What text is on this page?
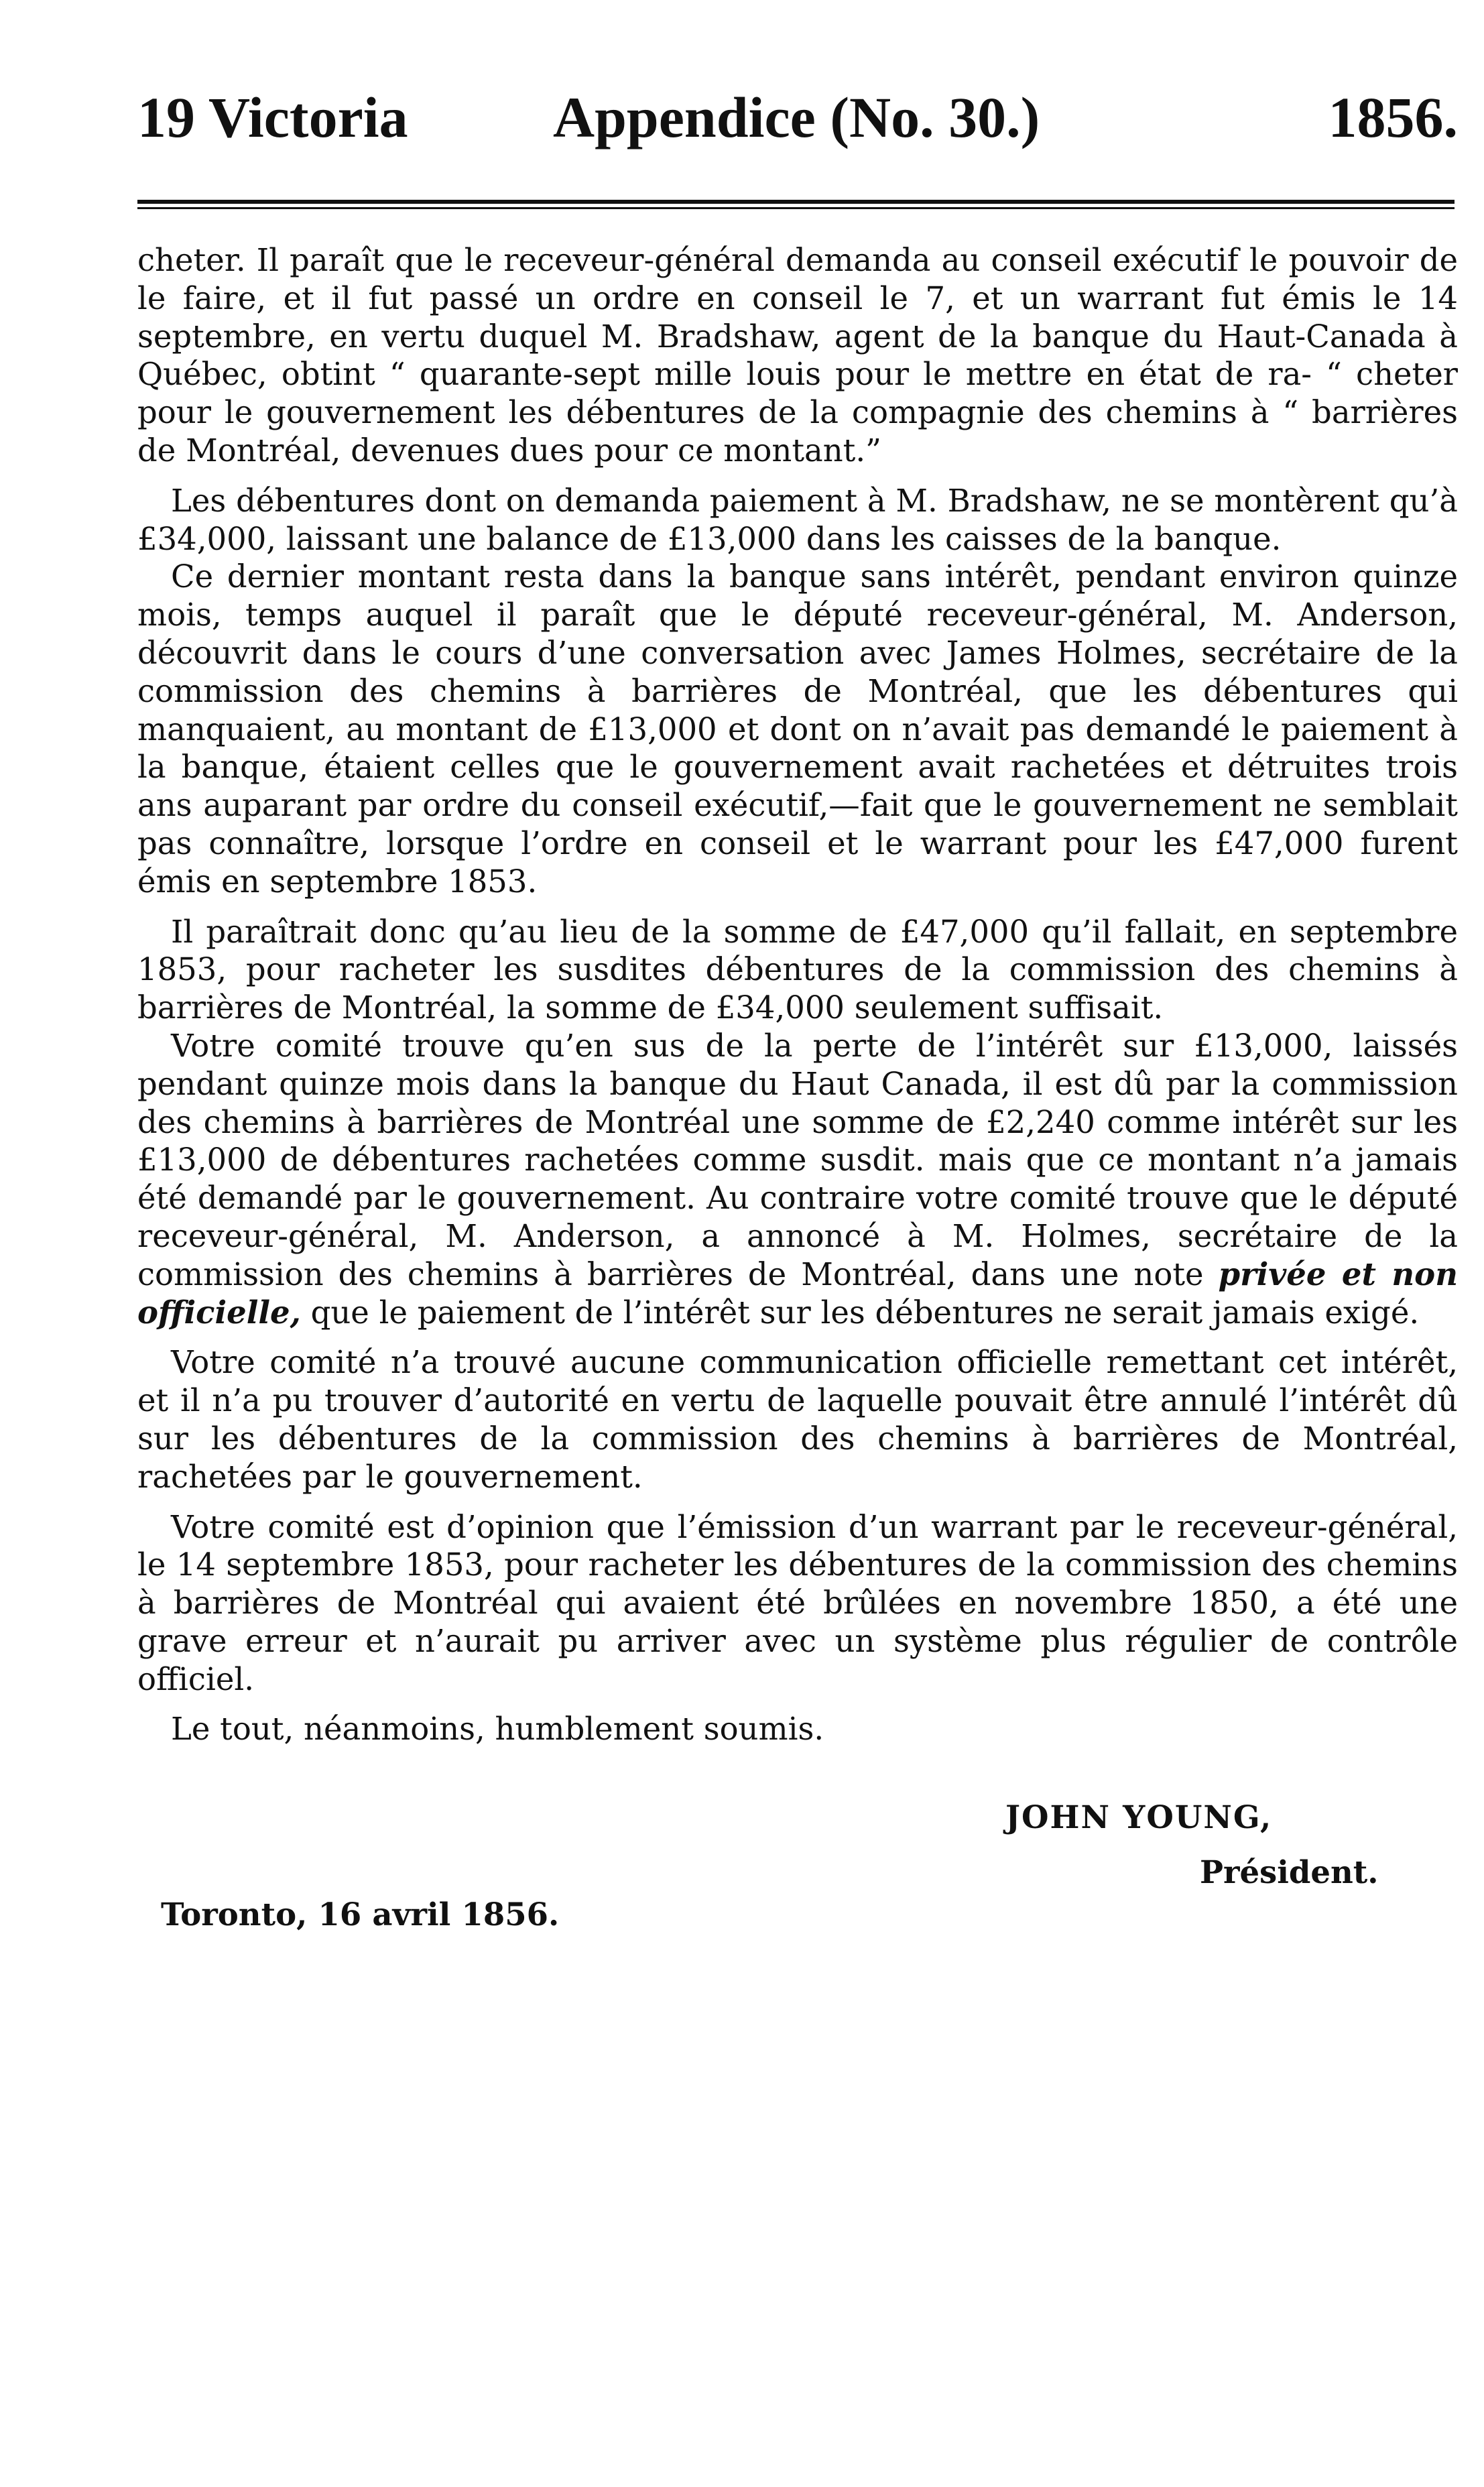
19 Victoria	Appendice (No. 30.)	1856.

cheter. Il paraît que le receveur-général demanda au conseil exécutif le pouvoir de le faire, et il fut passé un ordre en conseil le 7, et un warrant fut émis le 14 septembre, en vertu duquel M. Bradshaw, agent de la banque du Haut-Canada à Québec, obtint “ quarante-sept mille louis pour le mettre en état de ra- “ cheter pour le gouvernement les débentures de la compagnie des chemins à “ barrières de Montréal, devenues dues pour ce montant.”

Les débentures dont on demanda paiement à M. Bradshaw, ne se montèrent qu’à £34,000, laissant une balance de £13,000 dans les caisses de la banque.

Ce dernier montant resta dans la banque sans intérêt, pendant environ quinze mois, temps auquel il paraît que le député receveur-général, M. Anderson, découvrit dans le cours d’une conversation avec James Holmes, secrétaire de la commission des chemins à barrières de Montréal, que les débentures qui manquaient, au montant de £13,000 et dont on n’avait pas demandé le paiement à la banque, étaient celles que le gouvernement avait rachetées et détruites trois ans auparant par ordre du conseil exécutif,—fait que le gouvernement ne semblait pas connaître, lorsque l’ordre en conseil et le warrant pour les £47,000 furent émis en septembre 1853.

Il paraîtrait donc qu’au lieu de la somme de £47,000 qu’il fallait, en septembre 1853, pour racheter les susdites débentures de la commission des chemins à barrières de Montréal, la somme de £34,000 seulement suffisait.

Votre comité trouve qu’en sus de la perte de l’intérêt sur £13,000, laissés pendant quinze mois dans la banque du Haut Canada, il est dû par la commission des chemins à barrières de Montréal une somme de £2,240 comme intérêt sur les £13,000 de débentures rachetées comme susdit. mais que ce montant n’a jamais été demandé par le gouvernement. Au contraire votre comité trouve que le député receveur-général, M. Anderson, a annoncé à M. Holmes, secrétaire de la commission des chemins à barrières de Montréal, dans une note privée et non officielle, que le paiement de l’intérêt sur les débentures ne serait jamais exigé.

Votre comité n’a trouvé aucune communication officielle remettant cet intérêt, et il n’a pu trouver d’autorité en vertu de laquelle pouvait être annulé l’intérêt dû sur les débentures de la commission des chemins à barrières de Montréal, rachetées par le gouvernement.

Votre comité est d’opinion que l’émission d’un warrant par le receveur-général, le 14 septembre 1853, pour racheter les débentures de la commission des chemins à barrières de Montréal qui avaient été brûlées en novembre 1850, a été une grave erreur et n’aurait pu arriver avec un système plus régulier de contrôle officiel.

Le tout, néanmoins, humblement soumis.

JOHN YOUNG,
Président.
Toronto, 16 avril 1856.
